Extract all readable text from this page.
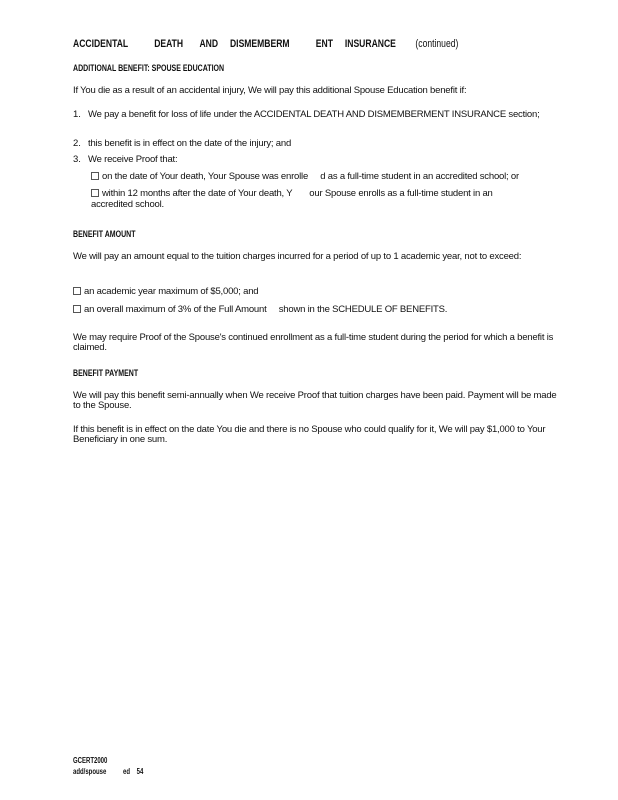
ACCIDENTAL           DEATH       AND     DISMEMBERM           ENT     INSURANCE (continued)
ADDITIONAL BENEFIT: SPOUSE EDUCATION
If You die as a result of an accidental injury, We will pay this additional Spouse Education benefit if:
1. We pay a benefit for loss of life under the ACCIDENTAL DEATH AND DISMEMBERMENT INSURANCE section;
2. this benefit is in effect on the date of the injury; and
3. We receive Proof that:
on the date of Your death, Your Spouse was enrolle     d as a full-time student in an accredited school; or
within 12 months after the date of Your death, Y       our Spouse enrolls as a full-time student in an accredited school.
BENEFIT AMOUNT
We will pay an amount equal to the tuition charges incurred for a period of up to 1 academic year, not to exceed:
an academic year maximum of $5,000; and
an overall maximum of 3% of the Full Amount     shown in the SCHEDULE OF BENEFITS.
We may require Proof of the Spouse's continued enrollment as a full-time student during the period for which a benefit is claimed.
BENEFIT PAYMENT
We will pay this benefit semi-annually when We receive Proof that tuition charges have been paid. Payment will be made to the Spouse.
If this benefit is in effect on the date You die and there is no Spouse who could qualify for it, We will pay $1,000 to Your Beneficiary in one sum.
GCERT2000
add/spouse          ed    54
